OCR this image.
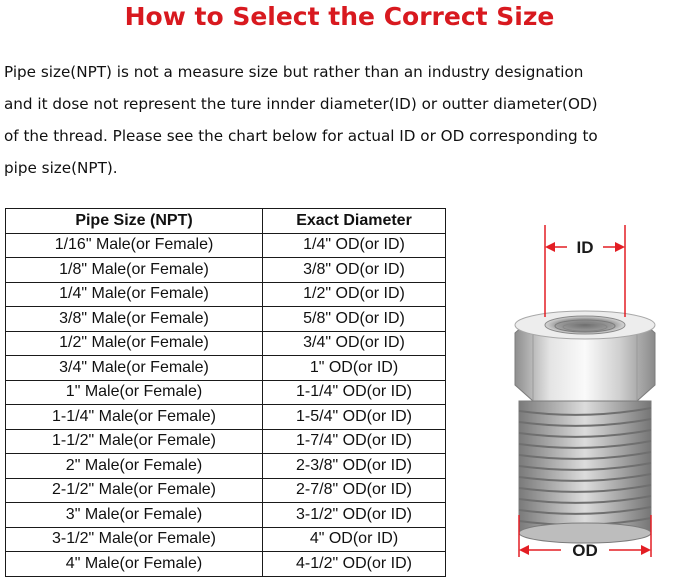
How to Select the Correct Size

Pipe size(NPT) is not a measure size but rather than an industry designation
and it dose not represent the ture innder diameter(ID) or outter diameter(OD)
of the thread. Please see the chart below for actual ID or OD corresponding to
pipe size(NPT).

Pipe Size (NPT)	Exact Diameter
1/16" Male(or Female)	1/4" OD(or ID)
1/8" Male(or Female)	3/8" OD(or ID)
1/4" Male(or Female)	1/2" OD(or ID)
3/8" Male(or Female)	5/8" OD(or ID)
1/2" Male(or Female)	3/4" OD(or ID)
3/4" Male(or Female)	1" OD(or ID)
1" Male(or Female)	1-1/4" OD(or ID)
1-1/4" Male(or Female)	1-5/4" OD(or ID)
1-1/2" Male(or Female)	1-7/4" OD(or ID)
2" Male(or Female)	2-3/8" OD(or ID)
2-1/2" Male(or Female)	2-7/8" OD(or ID)
3" Male(or Female)	3-1/2" OD(or ID)
3-1/2" Male(or Female)	4" OD(or ID)
4" Male(or Female)	4-1/2" OD(or ID)
ID
OD
